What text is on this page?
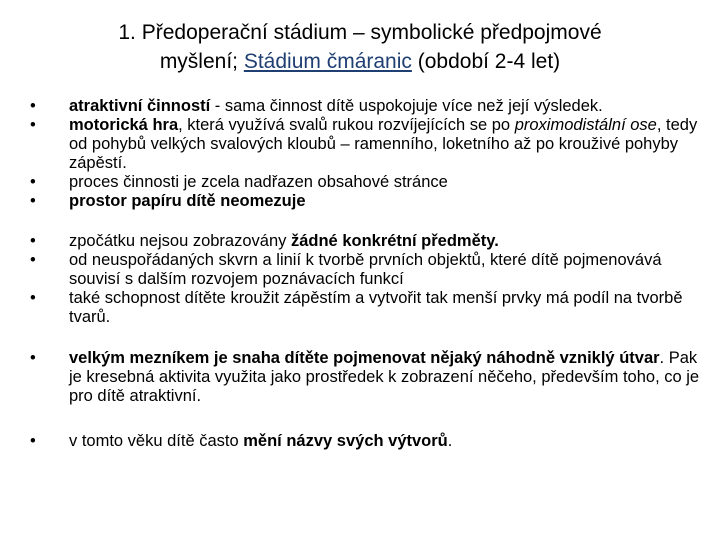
1. Předoperační stádium – symbolické předpojmové
myšlení; Stádium čmáranic (období 2-4 let)
• atraktivní činností - sama činnost dítě uspokojuje více než její výsledek.
• motorická hra, která využívá svalů rukou rozvíjejících se po proximodistální ose, tedy od pohybů velkých svalových kloubů – ramenního, loketního až po krouživé pohyby zápěstí.
• proces činnosti je zcela nadřazen obsahové stránce
• prostor papíru dítě neomezuje
• zpočátku nejsou zobrazovány žádné konkrétní předměty.
• od neuspořádaných skvrn a linií k tvorbě prvních objektů, které dítě pojmenovává souvisí s dalším rozvojem poznávacích funkcí
• také schopnost dítěte kroužit zápěstím a vytvořit tak menší prvky má podíl na tvorbě tvarů.
• velkým mezníkem je snaha dítěte pojmenovat nějaký náhodně vzniklý útvar. Pak je kresebná aktivita využita jako prostředek k zobrazení něčeho, především toho, co je pro dítě atraktivní.
• v tomto věku dítě často mění názvy svých výtvorů.
